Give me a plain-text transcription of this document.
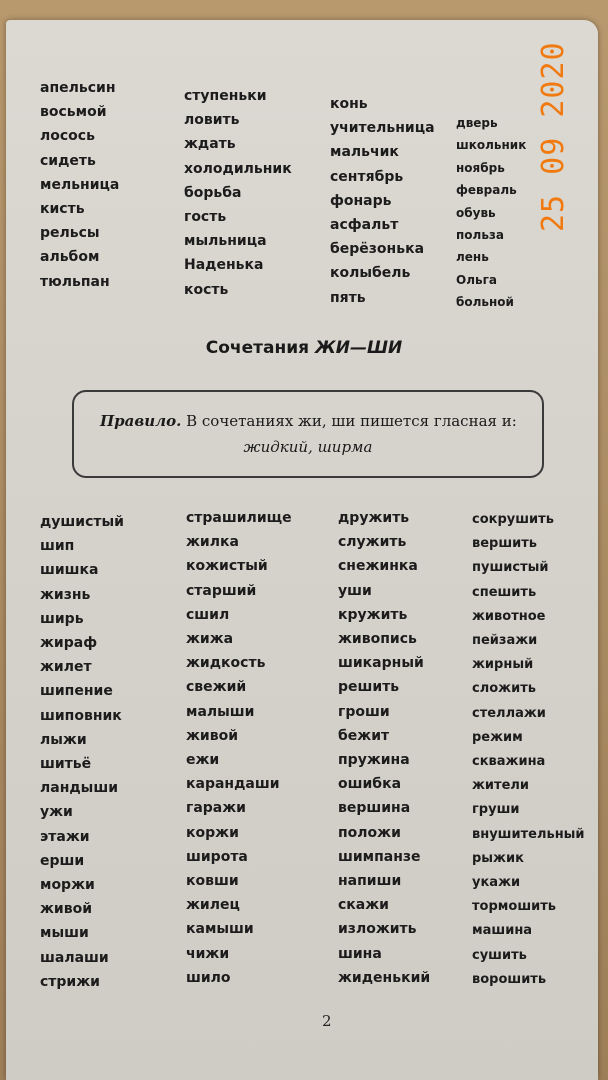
апельсин
восьмой
лосось
сидеть
мельница
кисть
рельсы
альбом
тюльпан
ступеньки
ловить
ждать
холодильник
борьба
гость
мыльница
Наденька
кость
конь
учительница
мальчик
сентябрь
фонарь
асфальт
берёзонька
колыбель
пять
дверь
школьник
ноябрь
февраль
обувь
польза
лень
Ольга
больной
Сочетания ЖИ—ШИ
Правило. В сочетаниях жи, ши пишется гласная и:
жидкий, ширма
душистый
шип
шишка
жизнь
ширь
жираф
жилет
шипение
шиповник
лыжи
шитьё
ландыши
ужи
этажи
ерши
моржи
живой
мыши
шалаши
стрижи
страшилище
жилка
кожистый
старший
сшил
жижа
жидкость
свежий
малыши
живой
ежи
карандаши
гаражи
коржи
широта
ковши
жилец
камыши
чижи
шило
дружить
служить
снежинка
уши
кружить
живопись
шикарный
решить
гроши
бежит
пружина
ошибка
вершина
положи
шимпанзе
напиши
скажи
изложить
шина
жиденький
сокрушить
вершить
пушистый
спешить
животное
пейзажи
жирный
сложить
стеллажи
режим
скважина
жители
груши
внушительный
рыжик
укажи
тормошить
машина
сушить
ворошить
2
25 09 2020
